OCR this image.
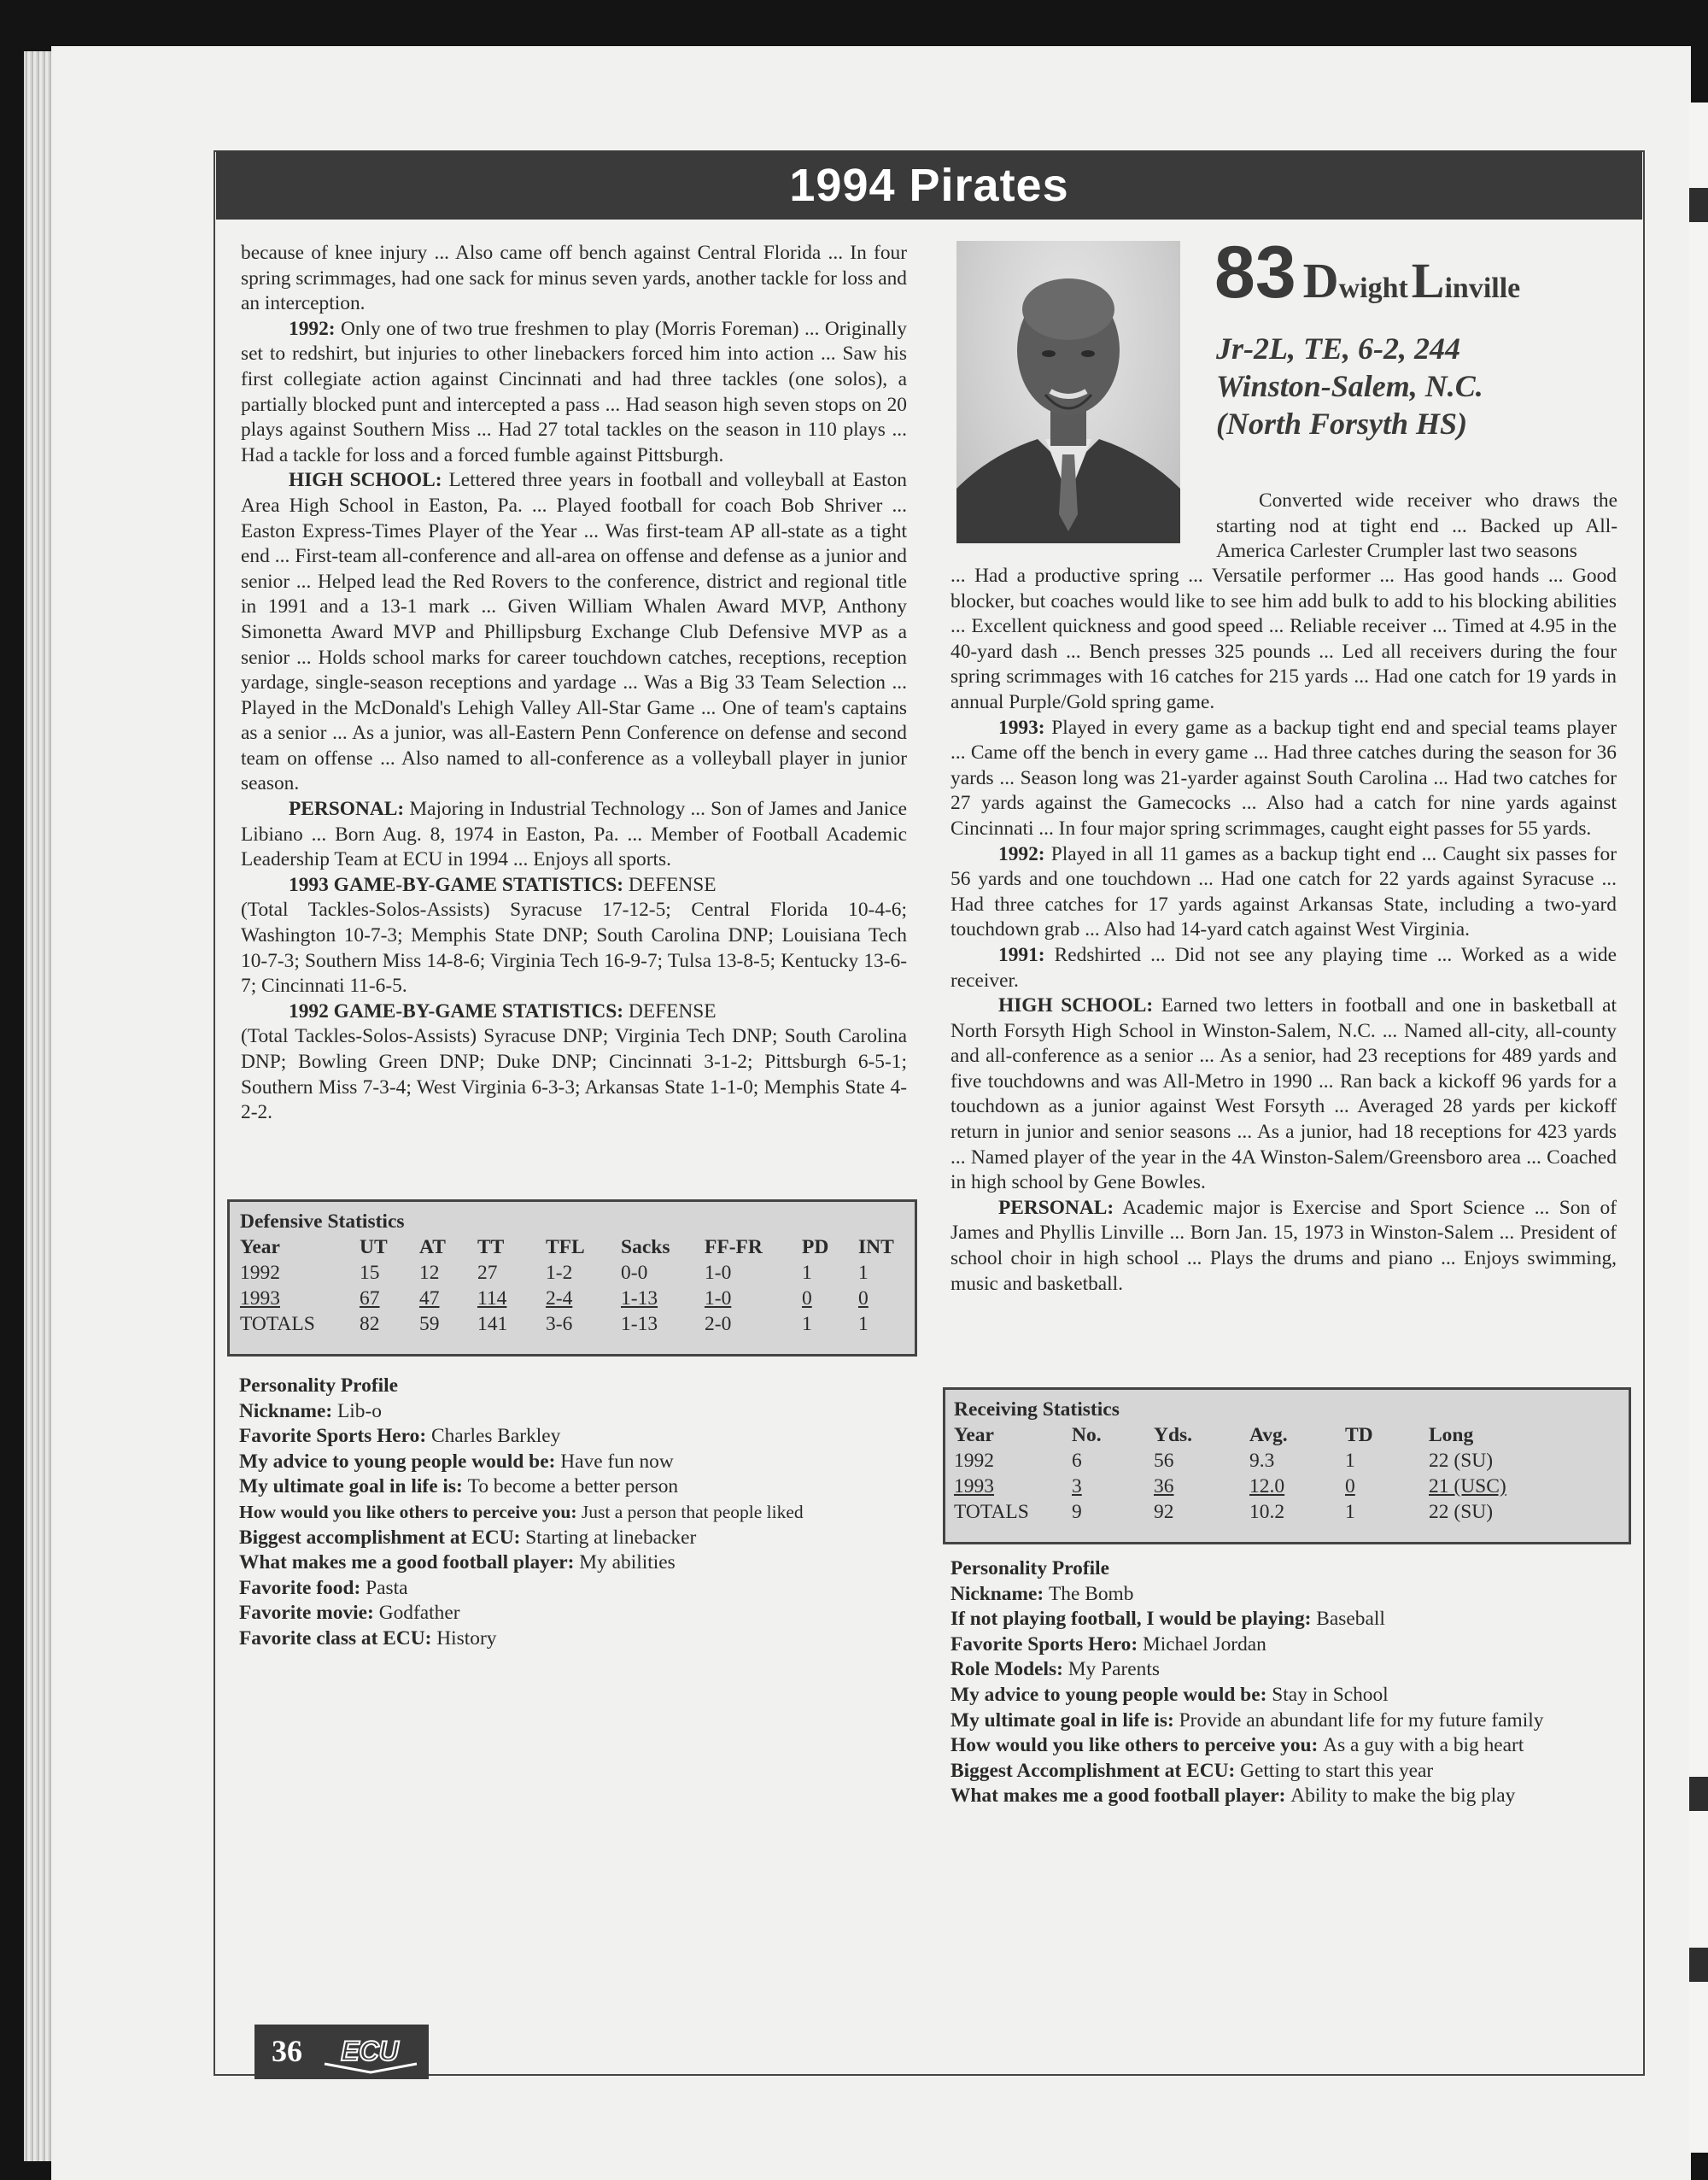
1994 Pirates

because of knee injury ... Also came off bench against Central Florida ... In four spring scrimmages, had one sack for minus seven yards, another tackle for loss and an interception.

1992: Only one of two true freshmen to play (Morris Foreman) ... Originally set to redshirt, but injuries to other linebackers forced him into action ... Saw his first collegiate action against Cincinnati and had three tackles (one solos), a partially blocked punt and intercepted a pass ... Had season high seven stops on 20 plays against Southern Miss ... Had 27 total tackles on the season in 110 plays ... Had a tackle for loss and a forced fumble against Pittsburgh.

HIGH SCHOOL: Lettered three years in football and volleyball at Easton Area High School in Easton, Pa. ... Played football for coach Bob Shriver ... Easton Express-Times Player of the Year ... Was first-team AP all-state as a tight end ... First-team all-conference and all-area on offense and defense as a junior and senior ... Helped lead the Red Rovers to the conference, district and regional title in 1991 and a 13-1 mark ... Given William Whalen Award MVP, Anthony Simonetta Award MVP and Phillipsburg Exchange Club Defensive MVP as a senior ... Holds school marks for career touchdown catches, receptions, reception yardage, single-season receptions and yardage ... Was a Big 33 Team Selection ... Played in the McDonald's Lehigh Valley All-Star Game ... One of team's captains as a senior ... As a junior, was all-Eastern Penn Conference on defense and second team on offense ... Also named to all-conference as a volleyball player in junior season.

PERSONAL: Majoring in Industrial Technology ... Son of James and Janice Libiano ... Born Aug. 8, 1974 in Easton, Pa. ... Member of Football Academic Leadership Team at ECU in 1994 ... Enjoys all sports.

1993 GAME-BY-GAME STATISTICS: DEFENSE

(Total Tackles-Solos-Assists) Syracuse 17-12-5; Central Florida 10-4-6; Washington 10-7-3; Memphis State DNP; South Carolina DNP; Louisiana Tech 10-7-3; Southern Miss 14-8-6; Virginia Tech 16-9-7; Tulsa 13-8-5; Kentucky 13-6-7; Cincinnati 11-6-5.

1992 GAME-BY-GAME STATISTICS: DEFENSE

(Total Tackles-Solos-Assists) Syracuse DNP; Virginia Tech DNP; South Carolina DNP; Bowling Green DNP; Duke DNP; Cincinnati 3-1-2; Pittsburgh 6-5-1; Southern Miss 7-3-4; West Virginia 6-3-3; Arkansas State 1-1-0; Memphis State 4-2-2.

Defensive Statistics
Year	UT AT TT TFL Sacks FF-FR PD INT
1992	15 12 27 1-2 0-0	1-0	1 1
1993	67 47 114 2-4 1-13 1-0	0 0
TOTALS 82 59 141 3-6 1-13 2-0	1 1
Personality Profile
Nickname: Lib-o
Favorite Sports Hero: Charles Barkley
My advice to young people would be: Have fun now
My ultimate goal in life is: To become a better person
How would you like others to perceive you: Just a person that people liked
Biggest accomplishment at ECU: Starting at linebacker
What makes me a good football player: My abilities
Favorite food: Pasta
Favorite movie: Godfather
Favorite class at ECU: History
83 Dwight Linville
Jr-2L, TE, 6-2, 244
Winston-Salem, N.C.
(North Forsyth HS)
Converted wide receiver who draws the starting nod at tight end ... Backed up All-America Carlester Crumpler last two seasons

... Had a productive spring ... Versatile performer ... Has good hands ... Good blocker, but coaches would like to see him add bulk to add to his blocking abilities ... Excellent quickness and good speed ... Reliable receiver ... Timed at 4.95 in the 40-yard dash ... Bench presses 325 pounds ... Led all receivers during the four spring scrimmages with 16 catches for 215 yards ... Had one catch for 19 yards in annual Purple/Gold spring game.

1993: Played in every game as a backup tight end and special teams player ... Came off the bench in every game ... Had three catches during the season for 36 yards ... Season long was 21-yarder against South Carolina ... Had two catches for 27 yards against the Gamecocks ... Also had a catch for nine yards against Cincinnati ... In four major spring scrimmages, caught eight passes for 55 yards.

1992: Played in all 11 games as a backup tight end ... Caught six passes for 56 yards and one touchdown ... Had one catch for 22 yards against Syracuse ... Had three catches for 17 yards against Arkansas State, including a two-yard touchdown grab ... Also had 14-yard catch against West Virginia.

1991: Redshirted ... Did not see any playing time ... Worked as a wide receiver.

HIGH SCHOOL: Earned two letters in football and one in basketball at North Forsyth High School in Winston-Salem, N.C. ... Named all-city, all-county and all-conference as a senior ... As a senior, had 23 receptions for 489 yards and five touchdowns and was All-Metro in 1990 ... Ran back a kickoff 96 yards for a touchdown as a junior against West Forsyth ... Averaged 28 yards per kickoff return in junior and senior seasons ... As a junior, had 18 receptions for 423 yards ... Named player of the year in the 4A Winston-Salem/Greensboro area ... Coached in high school by Gene Bowles.

PERSONAL: Academic major is Exercise and Sport Science ... Son of James and Phyllis Linville ... Born Jan. 15, 1973 in Winston-Salem ... President of school choir in high school ... Plays the drums and piano ... Enjoys swimming, music and basketball.

Receiving Statistics
Year	No.	Yds.	Avg.	TD	Long
1992	6	56	9.3	1	22 (SU)
1993	3	36	12.0	0	21 (USC)
TOTALS 9	92	10.2	1	22 (SU)
Personality Profile
Nickname: The Bomb
If not playing football, I would be playing: Baseball
Favorite Sports Hero: Michael Jordan
Role Models: My Parents
My advice to young people would be: Stay in School
My ultimate goal in life is: Provide an abundant life for my future family
How would you like others to perceive you: As a guy with a big heart
Biggest Accomplishment at ECU: Getting to start this year
What makes me a good football player: Ability to make the big play
36 ECU
